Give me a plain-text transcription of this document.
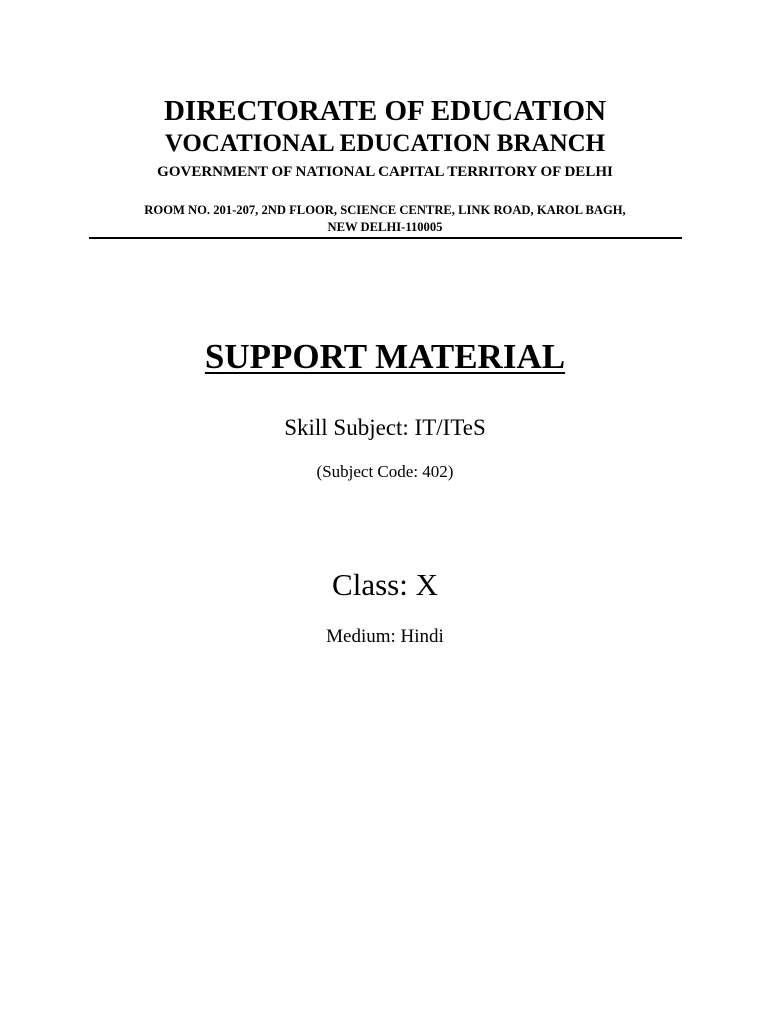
DIRECTORATE OF EDUCATION
VOCATIONAL EDUCATION BRANCH
GOVERNMENT OF NATIONAL CAPITAL TERRITORY OF DELHI
ROOM NO. 201-207, 2ND FLOOR, SCIENCE CENTRE, LINK ROAD, KAROL BAGH,
NEW DELHI-110005
SUPPORT MATERIAL
Skill Subject: IT/ITeS
(Subject Code: 402)
Class: X
Medium: Hindi
